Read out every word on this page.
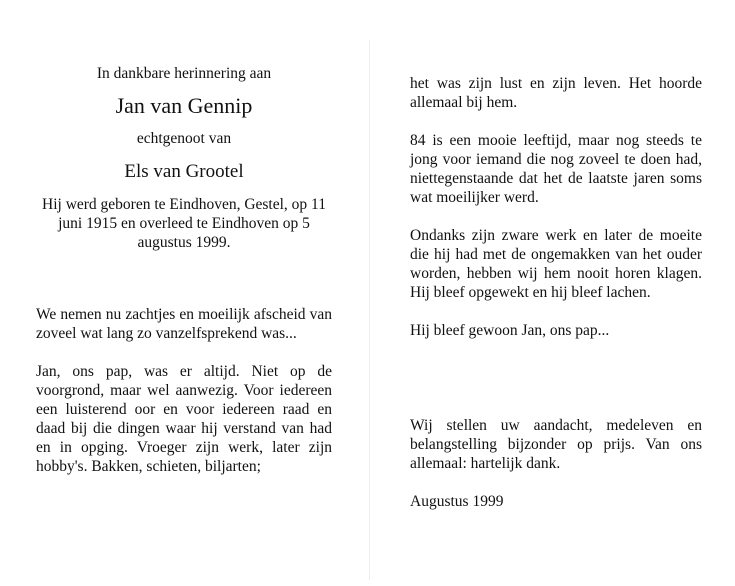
In dankbare herinnering aan

Jan van Gennip

echtgenoot van

Els van Grootel

Hij werd geboren te Eindhoven, Gestel, op 11 juni 1915 en overleed te Eindhoven op 5 augustus 1999.

We nemen nu zachtjes en moeilijk afscheid van zoveel wat lang zo vanzelfsprekend was...

Jan, ons pap, was er altijd. Niet op de voorgrond, maar wel aanwezig. Voor iedereen een luisterend oor en voor iedereen raad en daad bij die dingen waar hij verstand van had en in opging. Vroeger zijn werk, later zijn hobby's. Bakken, schieten, biljarten;

het was zijn lust en zijn leven. Het hoorde allemaal bij hem.

84 is een mooie leeftijd, maar nog steeds te jong voor iemand die nog zoveel te doen had, niettegenstaande dat het de laatste jaren soms wat moeilijker werd.

Ondanks zijn zware werk en later de moeite die hij had met de ongemakken van het ouder worden, hebben wij hem nooit horen klagen. Hij bleef opgewekt en hij bleef lachen.

Hij bleef gewoon Jan, ons pap...

Wij stellen uw aandacht, medeleven en belangstelling bijzonder op prijs. Van ons allemaal: hartelijk dank.

Augustus 1999
